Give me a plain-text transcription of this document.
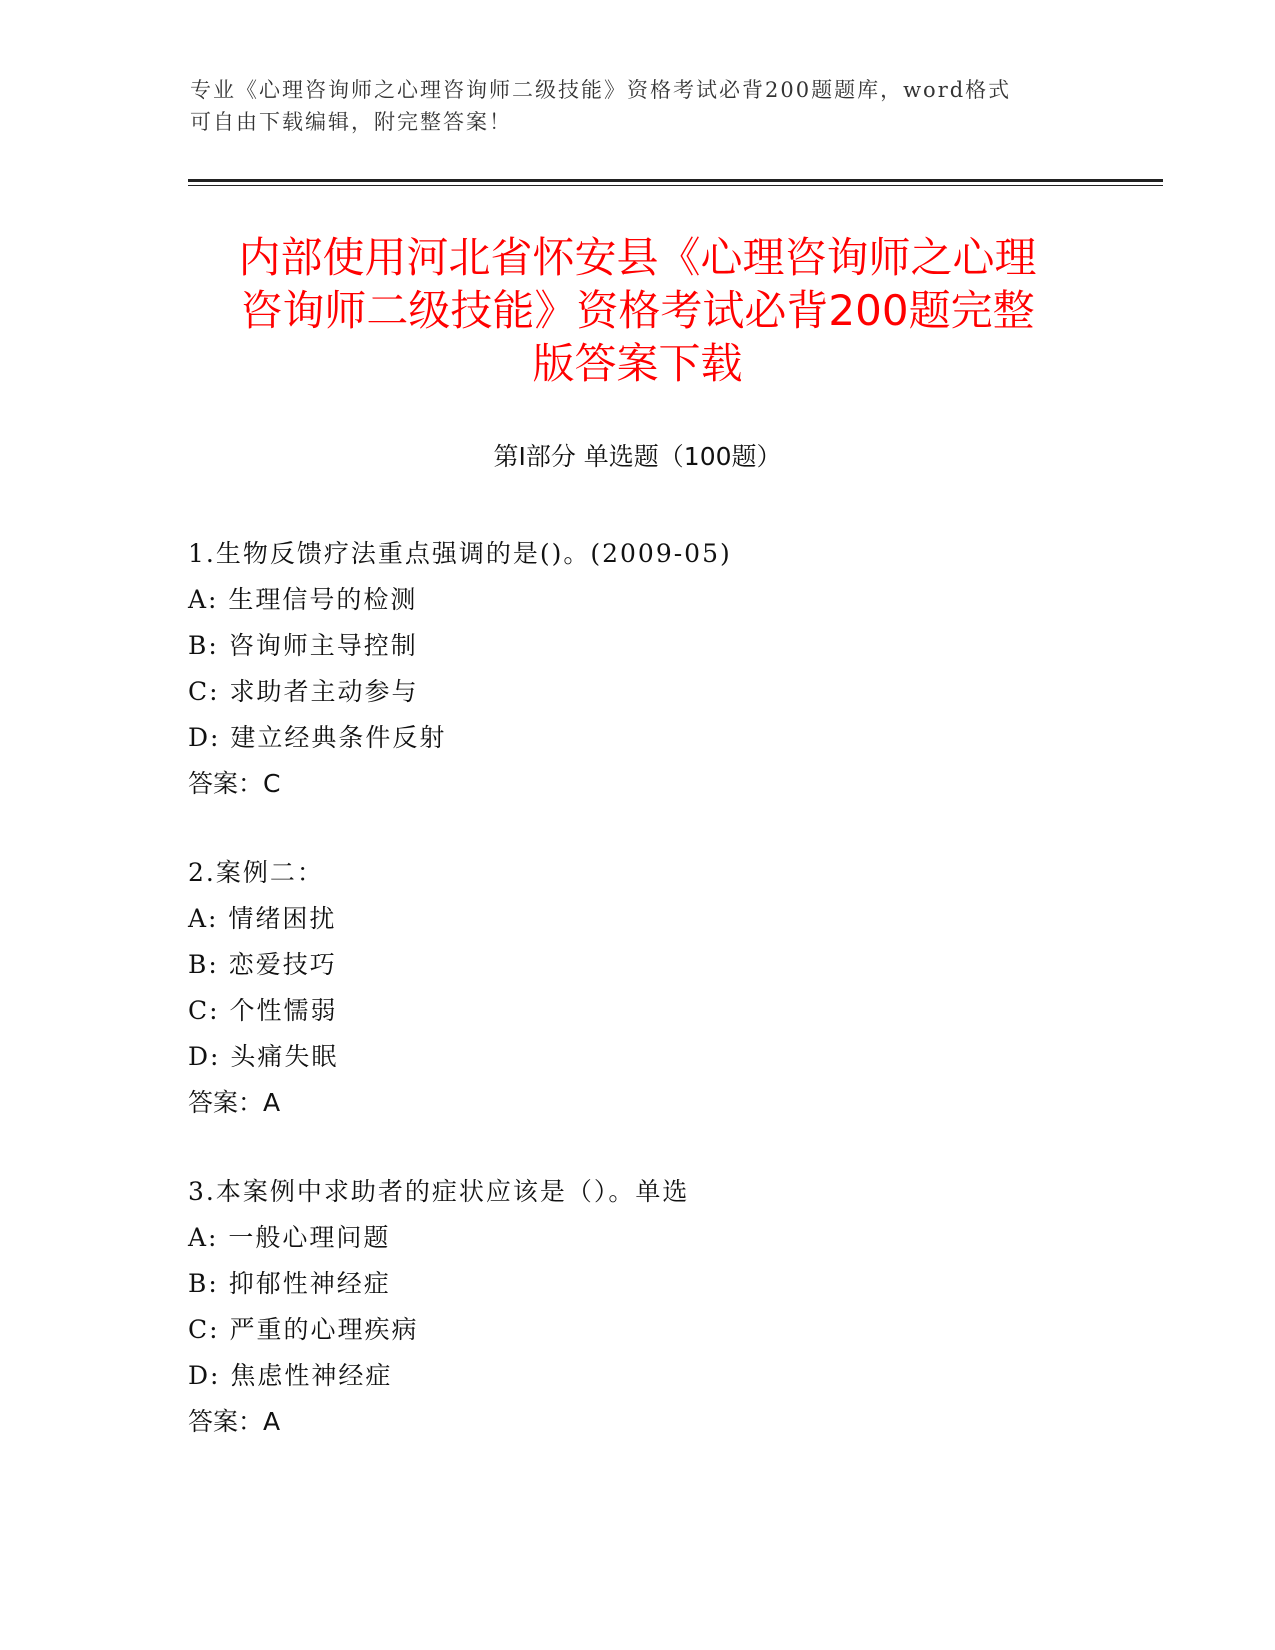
专业《心理咨询师之心理咨询师二级技能》资格考试必背200题题库，word格式
可自由下载编辑，附完整答案！
内部使用河北省怀安县《心理咨询师之心理
咨询师二级技能》资格考试必背200题完整
版答案下载
第Ⅰ部分 单选题（100题）
1.生物反馈疗法重点强调的是()。(2009-05)
A: 生理信号的检测
B: 咨询师主导控制
C: 求助者主动参与
D: 建立经典条件反射
答案：C
2.案例二：
A: 情绪困扰
B: 恋爱技巧
C: 个性懦弱
D: 头痛失眠
答案：A
3.本案例中求助者的症状应该是（）。单选
A: 一般心理问题
B: 抑郁性神经症
C: 严重的心理疾病
D: 焦虑性神经症
答案：A
